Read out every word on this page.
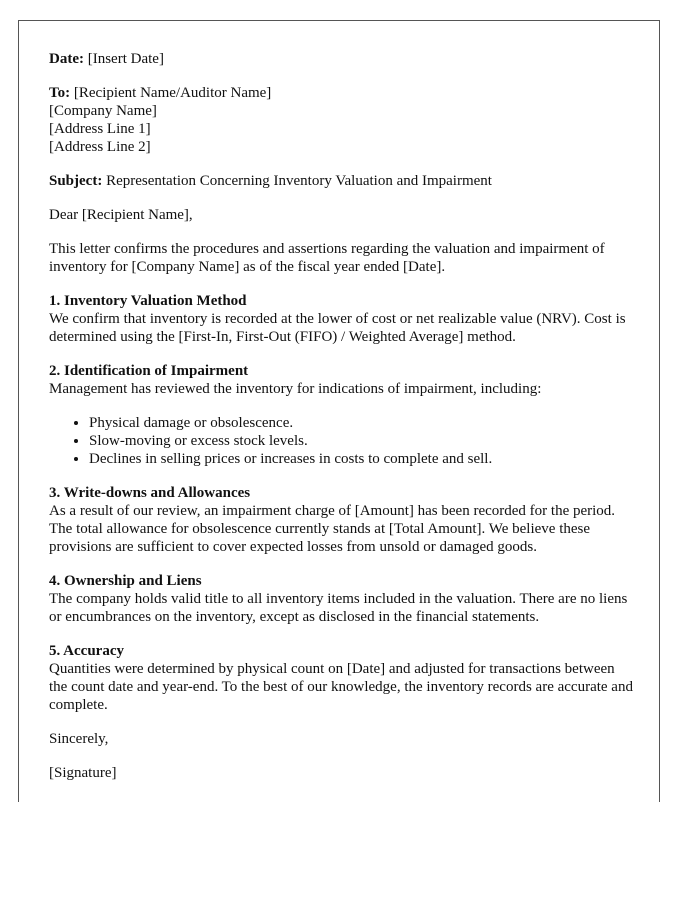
Date: [Insert Date]

To: [Recipient Name/Auditor Name]
[Company Name]
[Address Line 1]
[Address Line 2]

Subject: Representation Concerning Inventory Valuation and Impairment

Dear [Recipient Name],

This letter confirms the procedures and assertions regarding the valuation and impairment of inventory for [Company Name] as of the fiscal year ended [Date].

1. Inventory Valuation Method
We confirm that inventory is recorded at the lower of cost or net realizable value (NRV). Cost is determined using the [First-In, First-Out (FIFO) / Weighted Average] method.
2. Identification of Impairment
Management has reviewed the inventory for indications of impairment, including:
• Physical damage or obsolescence.
• Slow-moving or excess stock levels.
• Declines in selling prices or increases in costs to complete and sell.
3. Write-downs and Allowances
As a result of our review, an impairment charge of [Amount] has been recorded for the period. The total allowance for obsolescence currently stands at [Total Amount]. We believe these provisions are sufficient to cover expected losses from unsold or damaged goods.
4. Ownership and Liens
The company holds valid title to all inventory items included in the valuation. There are no liens or encumbrances on the inventory, except as disclosed in the financial statements.
5. Accuracy
Quantities were determined by physical count on [Date] and adjusted for transactions between the count date and year-end. To the best of our knowledge, the inventory records are accurate and complete.

Sincerely,

[Signature]
